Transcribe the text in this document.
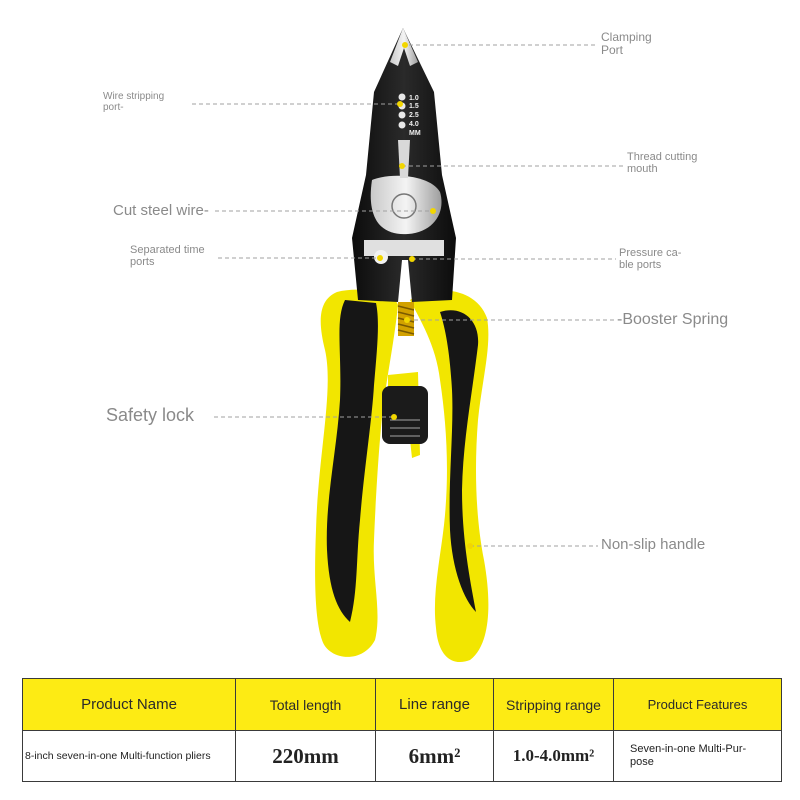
1.0
1.5
2.5
4.0
MM
Clamping
Port
Wire stripping
port-
Thread cutting
mouth
Cut steel wire-
Separated time
ports
Pressure ca-
ble ports
-Booster Spring
Safety lock
Non-slip handle
Product Name	Total length	Line range	Stripping range	Product Features
8-inch seven-in-one Multi-function pliers	220mm	6mm²	1.0-4.0mm²	Seven-in-one Multi-Pur-
pose
